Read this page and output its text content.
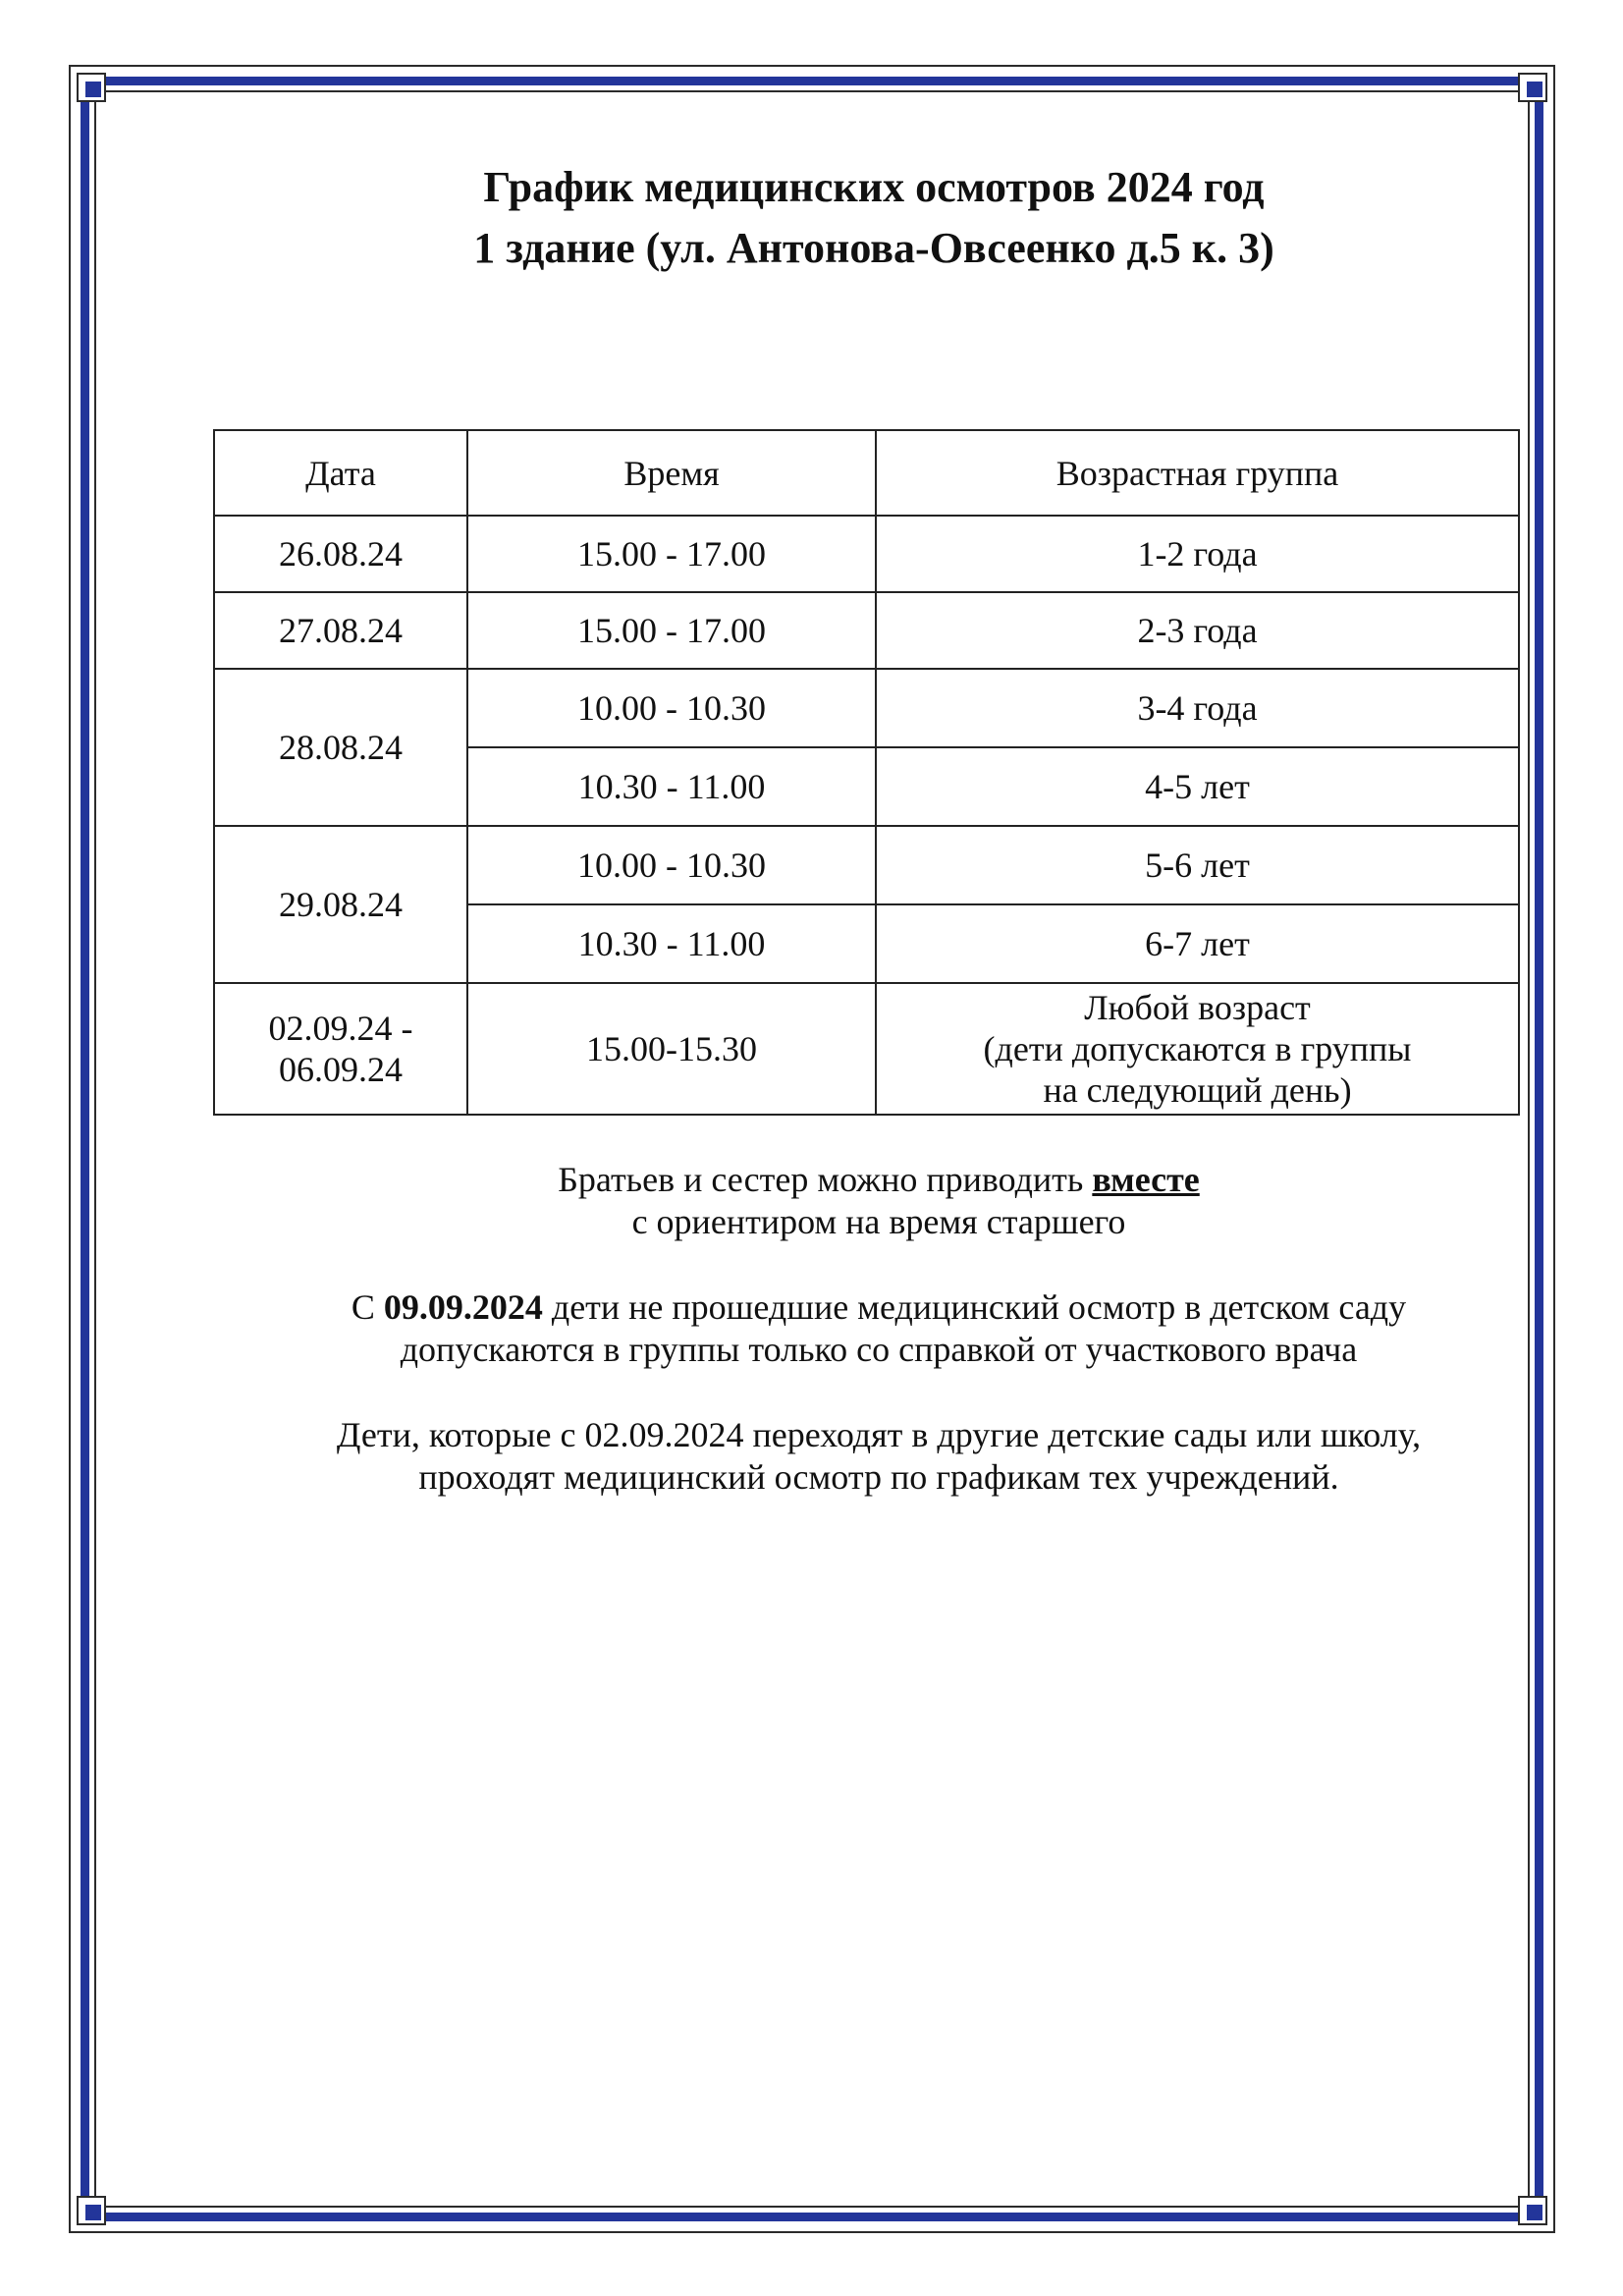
График медицинских осмотров 2024 год
1 здание (ул. Антонова-Овсеенко д.5 к. 3)
Дата	Время	Возрастная группа
26.08.24	15.00 - 17.00	1-2 года
27.08.24	15.00 - 17.00	2-3 года
28.08.24	10.00 - 10.30	3-4 года
	10.30 - 11.00	4-5 лет
29.08.24	10.00 - 10.30	5-6 лет
	10.30 - 11.00	6-7 лет
02.09.24 -
06.09.24	15.00-15.30	Любой возраст
(дети допускаются в группы
на следующий день)
Братьев и сестер можно приводить вместе
с ориентиром на время старшего
С 09.09.2024 дети не прошедшие медицинский осмотр в детском саду
допускаются в группы только со справкой от участкового врача
Дети, которые с 02.09.2024 переходят в другие детские сады или школу,
проходят медицинский осмотр по графикам тех учреждений.
